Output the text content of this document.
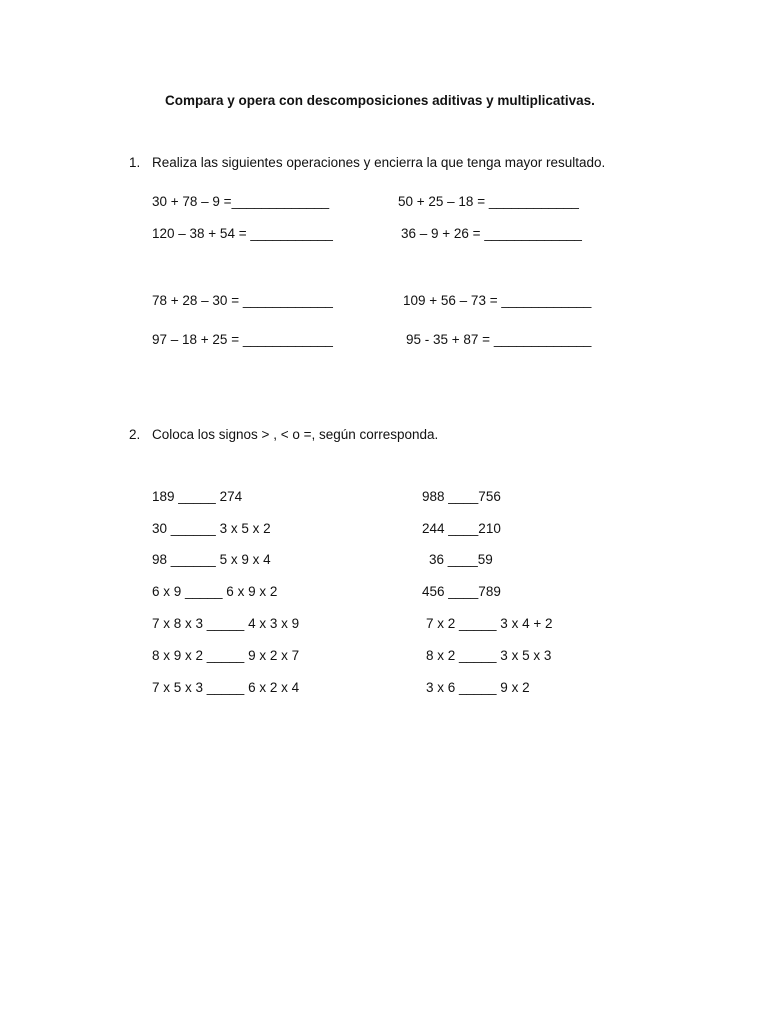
Compara y opera con descomposiciones aditivas y multiplicativas.
1. Realiza las siguientes operaciones y encierra la que tenga mayor resultado.
30 + 78 – 9 =_____________
120 – 38 + 54 = ___________
78 + 28 – 30 = ____________
97 – 18 + 25 = ____________
50 + 25 – 18 = ____________
36 – 9 + 26 = _____________
109 + 56 – 73 = ____________
95 - 35 + 87 = _____________
2. Coloca los signos > , < o =, según corresponda.
189 _____ 274
30 ______ 3 x 5 x 2
98 ______ 5 x 9 x 4
6 x 9 _____ 6 x 9 x 2
7 x 8 x 3 _____ 4 x 3 x 9
8 x 9 x 2 _____ 9 x 2 x 7
7 x 5 x 3 _____ 6 x 2 x 4
988 ____756
244 ____210
36 ____59
456 ____789
7 x 2 _____ 3 x 4 + 2
8 x 2 _____ 3 x 5 x 3
3 x 6 _____ 9 x 2
